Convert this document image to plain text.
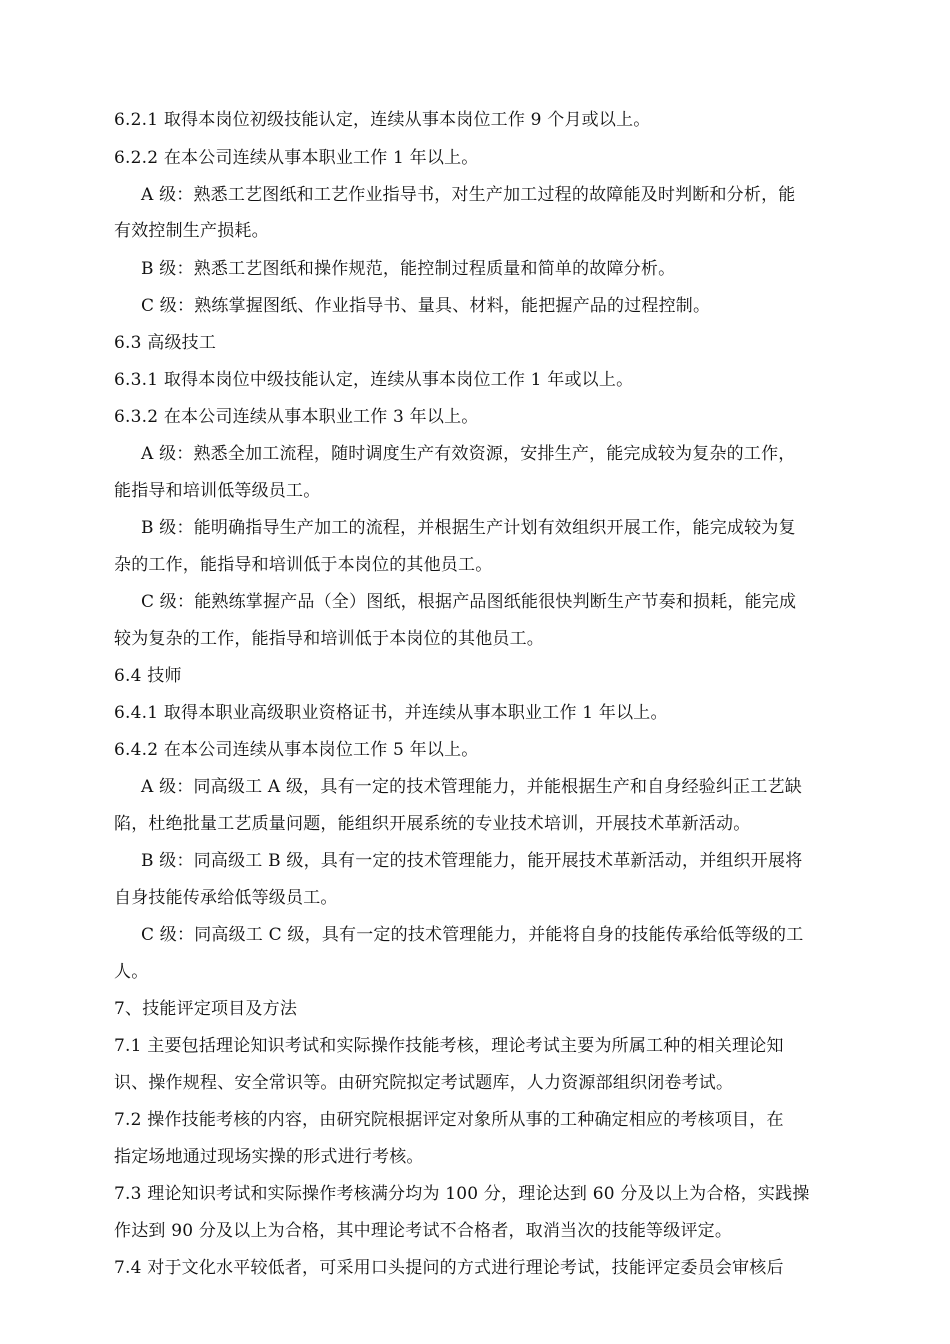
6.2.1 取得本岗位初级技能认定，连续从事本岗位工作 9 个月或以上。
6.2.2 在本公司连续从事本职业工作 1 年以上。
A 级：熟悉工艺图纸和工艺作业指导书，对生产加工过程的故障能及时判断和分析，能
有效控制生产损耗。
B 级：熟悉工艺图纸和操作规范，能控制过程质量和简单的故障分析。
C 级：熟练掌握图纸、作业指导书、量具、材料，能把握产品的过程控制。
6.3 高级技工
6.3.1 取得本岗位中级技能认定，连续从事本岗位工作 1 年或以上。
6.3.2 在本公司连续从事本职业工作 3 年以上。
A 级：熟悉全加工流程，随时调度生产有效资源，安排生产，能完成较为复杂的工作，
能指导和培训低等级员工。
B 级：能明确指导生产加工的流程，并根据生产计划有效组织开展工作，能完成较为复
杂的工作，能指导和培训低于本岗位的其他员工。
C 级：能熟练掌握产品（全）图纸，根据产品图纸能很快判断生产节奏和损耗，能完成
较为复杂的工作，能指导和培训低于本岗位的其他员工。
6.4 技师
6.4.1 取得本职业高级职业资格证书，并连续从事本职业工作 1 年以上。
6.4.2 在本公司连续从事本岗位工作 5 年以上。
A 级：同高级工 A 级，具有一定的技术管理能力，并能根据生产和自身经验纠正工艺缺
陷，杜绝批量工艺质量问题，能组织开展系统的专业技术培训，开展技术革新活动。
B 级：同高级工 B 级，具有一定的技术管理能力，能开展技术革新活动，并组织开展将
自身技能传承给低等级员工。
C 级：同高级工 C 级，具有一定的技术管理能力，并能将自身的技能传承给低等级的工
人。
7、技能评定项目及方法
7.1 主要包括理论知识考试和实际操作技能考核，理论考试主要为所属工种的相关理论知
识、操作规程、安全常识等。由研究院拟定考试题库，人力资源部组织闭卷考试。
7.2 操作技能考核的内容，由研究院根据评定对象所从事的工种确定相应的考核项目，在
指定场地通过现场实操的形式进行考核。
7.3 理论知识考试和实际操作考核满分均为 100 分，理论达到 60 分及以上为合格，实践操
作达到 90 分及以上为合格，其中理论考试不合格者，取消当次的技能等级评定。
7.4 对于文化水平较低者，可采用口头提问的方式进行理论考试，技能评定委员会审核后
